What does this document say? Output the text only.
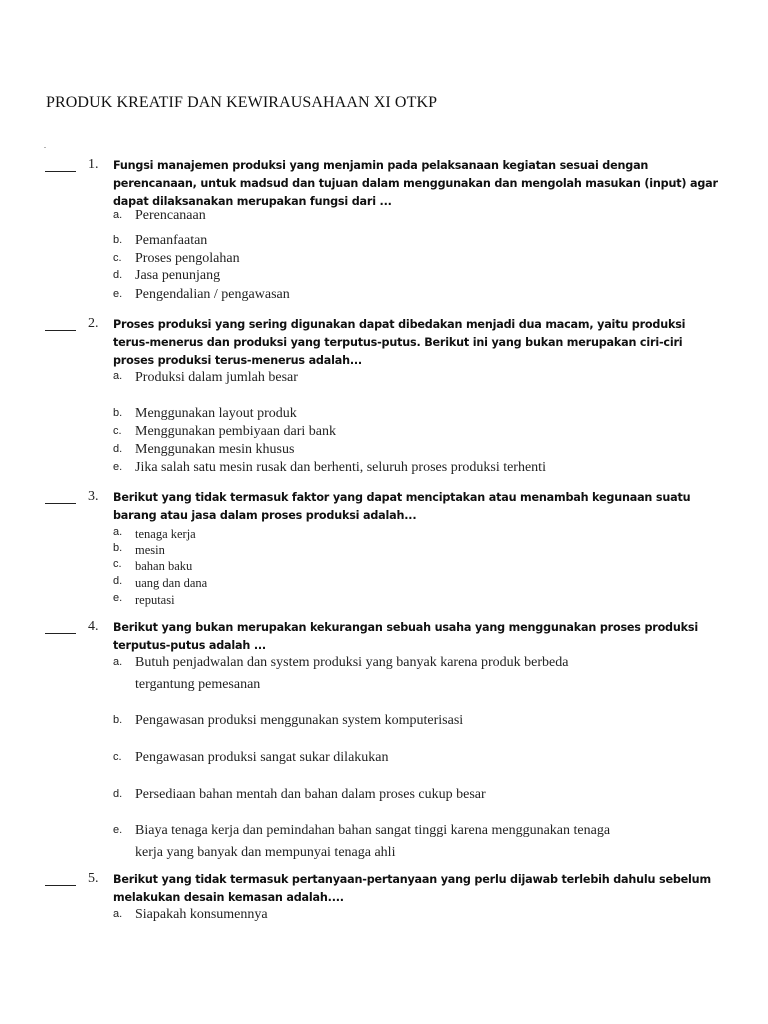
PRODUK KREATIF DAN KEWIRAUSAHAAN XI OTKP
.
1. Fungsi manajemen produksi yang menjamin pada pelaksanaan kegiatan sesuai dengan perencanaan, untuk madsud dan tujuan dalam menggunakan dan mengolah masukan (input) agar dapat dilaksanakan merupakan fungsi dari ...
a. Perencanaan
b. Pemanfaatan
c. Proses pengolahan
d. Jasa penunjang
e. Pengendalian / pengawasan
2. Proses produksi yang sering digunakan dapat dibedakan menjadi dua macam, yaitu produksi terus-menerus dan produksi yang terputus-putus. Berikut ini yang bukan merupakan ciri-ciri proses produksi terus-menerus adalah...
a. Produksi dalam jumlah besar
b. Menggunakan layout produk
c. Menggunakan pembiyaan dari bank
d. Menggunakan mesin khusus
e. Jika salah satu mesin rusak dan berhenti, seluruh proses produksi terhenti
3. Berikut yang tidak termasuk faktor yang dapat menciptakan atau menambah kegunaan suatu barang atau jasa dalam proses produksi adalah...
a. tenaga kerja
b. mesin
c. bahan baku
d. uang dan dana
e. reputasi
4. Berikut yang bukan merupakan kekurangan sebuah usaha yang menggunakan proses produksi terputus-putus adalah ...
a. Butuh penjadwalan dan system produksi yang banyak karena produk berbeda tergantung pemesanan
b. Pengawasan produksi menggunakan system komputerisasi
c. Pengawasan produksi sangat sukar dilakukan
d. Persediaan bahan mentah dan bahan dalam proses cukup besar
e. Biaya tenaga kerja dan pemindahan bahan sangat tinggi karena menggunakan tenaga kerja yang banyak dan mempunyai tenaga ahli
5. Berikut yang tidak termasuk pertanyaan-pertanyaan yang perlu dijawab terlebih dahulu sebelum melakukan desain kemasan adalah....
a. Siapakah konsumennya
